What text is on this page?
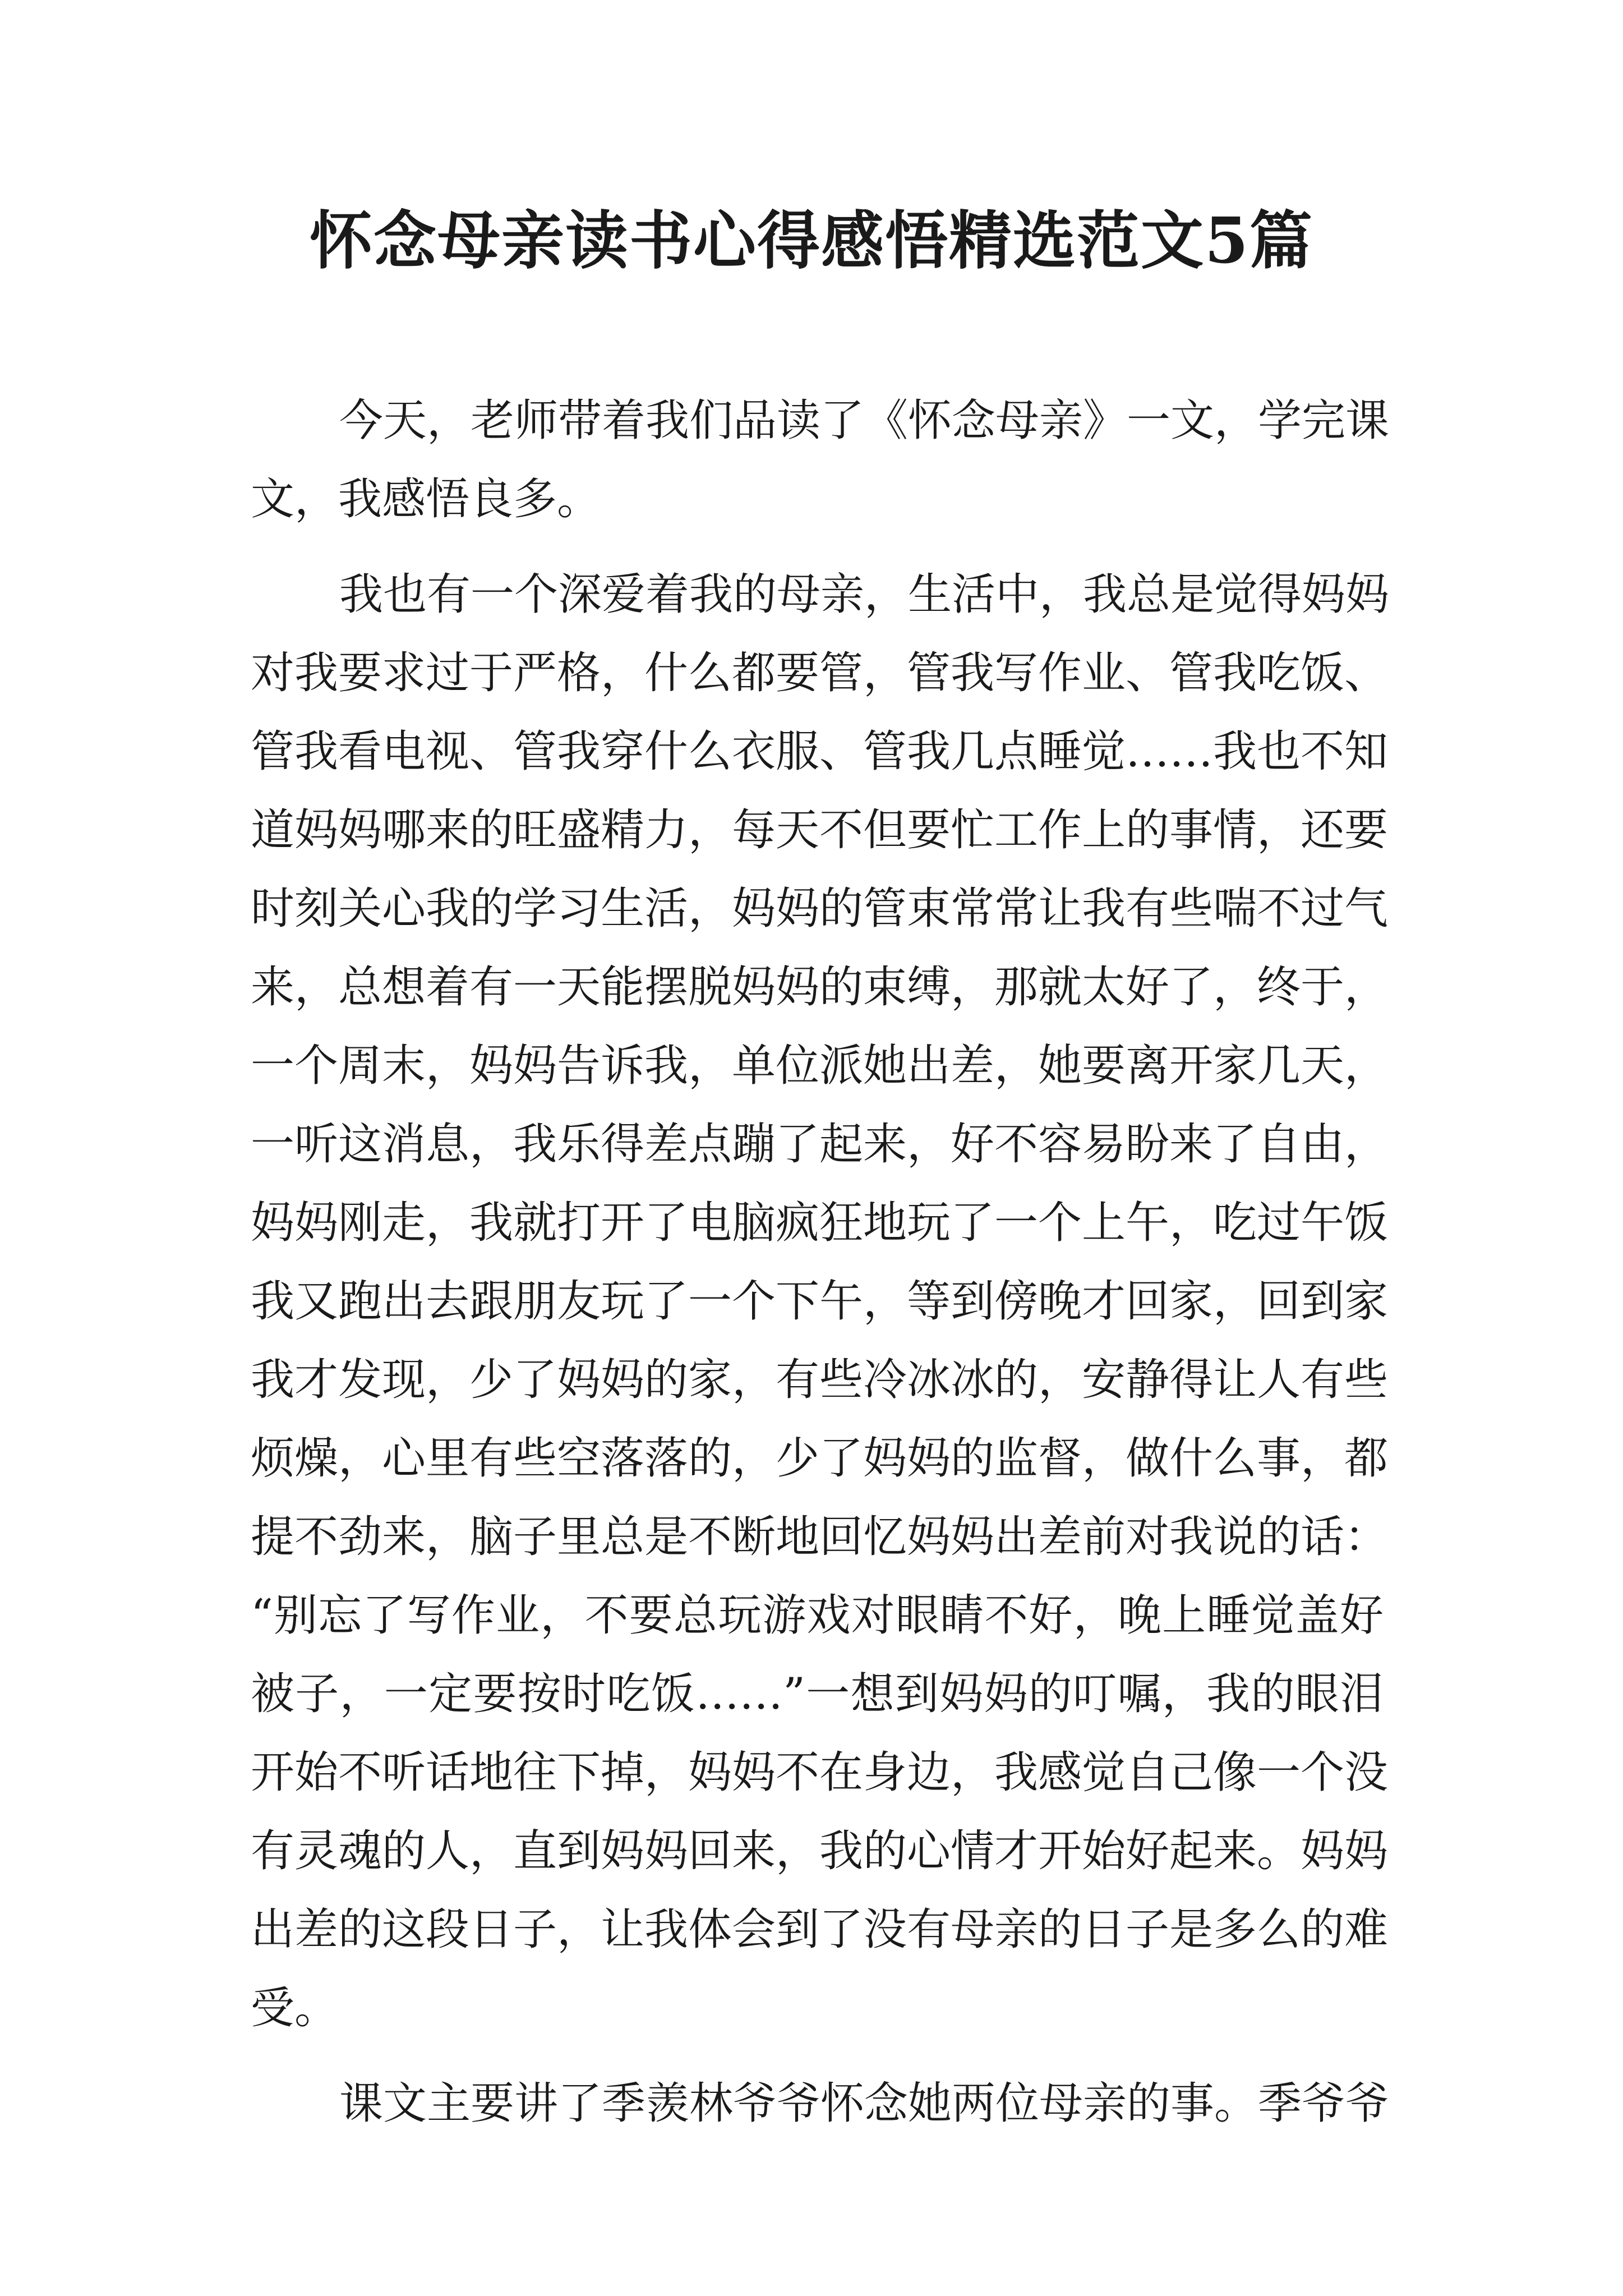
怀念母亲读书心得感悟精选范文5篇
今天，老师带着我们品读了《怀念母亲》一文，学完课
文，我感悟良多。
我也有一个深爱着我的母亲，生活中，我总是觉得妈妈
对我要求过于严格，什么都要管，管我写作业、管我吃饭、
管我看电视、管我穿什么衣服、管我几点睡觉……我也不知
道妈妈哪来的旺盛精力，每天不但要忙工作上的事情，还要
时刻关心我的学习生活，妈妈的管束常常让我有些喘不过气
来，总想着有一天能摆脱妈妈的束缚，那就太好了，终于，
一个周末，妈妈告诉我，单位派她出差，她要离开家几天，
一听这消息，我乐得差点蹦了起来，好不容易盼来了自由，
妈妈刚走，我就打开了电脑疯狂地玩了一个上午，吃过午饭
我又跑出去跟朋友玩了一个下午，等到傍晚才回家，回到家
我才发现，少了妈妈的家，有些冷冰冰的，安静得让人有些
烦燥，心里有些空落落的，少了妈妈的监督，做什么事，都
提不劲来，脑子里总是不断地回忆妈妈出差前对我说的话：
“别忘了写作业，不要总玩游戏对眼睛不好，晚上睡觉盖好
被子，一定要按时吃饭……”一想到妈妈的叮嘱，我的眼泪
开始不听话地往下掉，妈妈不在身边，我感觉自己像一个没
有灵魂的人，直到妈妈回来，我的心情才开始好起来。妈妈
出差的这段日子，让我体会到了没有母亲的日子是多么的难
受。
课文主要讲了季羡林爷爷怀念她两位母亲的事。季爷爷
